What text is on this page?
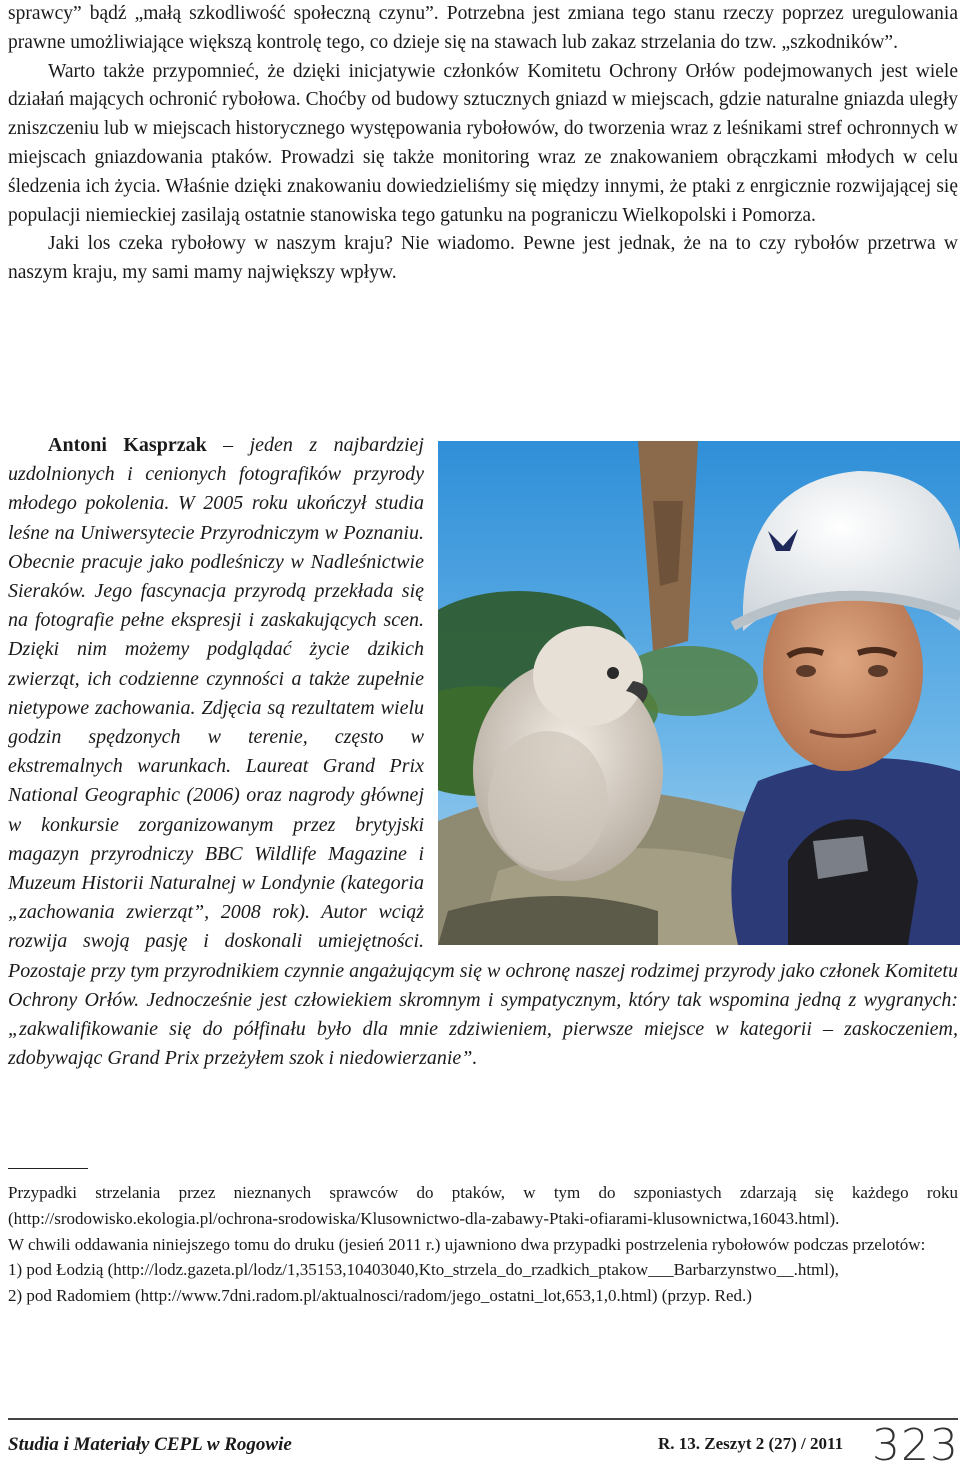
sprawcy” bądź „małą szkodliwość społeczną czynu”. Potrzebna jest zmiana tego stanu rzeczy poprzez uregulowania prawne umożliwiające większą kontrolę tego, co dzieje się na stawach lub zakaz strzelania do tzw. „szkodników”.

Warto także przypomnieć, że dzięki inicjatywie członków Komitetu Ochrony Orłów podejmowanych jest wiele działań mających ochronić rybołowa. Choćby od budowy sztucznych gniazd w miejscach, gdzie naturalne gniazda uległy zniszczeniu lub w miejscach historycznego występowania rybołowów, do tworzenia wraz z leśnikami stref ochronnych w miejscach gniazdowania ptaków. Prowadzi się także monitoring wraz ze znakowaniem obrączkami młodych w celu śledzenia ich życia. Właśnie dzięki znakowaniu dowiedzieliśmy się między innymi, że ptaki z enrgicznie rozwijającej się populacji niemieckiej zasilają ostatnie stanowiska tego gatunku na pograniczu Wielkopolski i Pomorza.

Jaki los czeka rybołowy w naszym kraju? Nie wiadomo. Pewne jest jednak, że na to czy rybołów przetrwa w naszym kraju, my sami mamy największy wpływ.

Antoni Kasprzak – jeden z najbardziej uzdolnionych i cenionych fotografików przyrody młodego pokolenia. W 2005 roku ukończył studia leśne na Uniwersytecie Przyrodniczym w Poznaniu. Obecnie pracuje jako podleśniczy w Nadleśnictwie Sieraków. Jego fascynacja przyrodą przekłada się na fotografie pełne ekspresji i zaskakujących scen. Dzięki nim możemy podglądać życie dzikich zwierząt, ich codzienne czynności a także zupełnie nietypowe zachowania. Zdjęcia są rezultatem wielu godzin spędzonych w terenie, często w ekstremalnych warunkach. Laureat Grand Prix National Geographic (2006) oraz nagrody głównej w konkursie zorganizowanym przez brytyjski magazyn przyrodniczy BBC Wildlife Magazine i Muzeum Historii Naturalnej w Londynie (kategoria „zachowania zwierząt”, 2008 rok). Autor wciąż rozwija swoją pasję i doskonali umiejętności. Pozostaje przy tym przyrodnikiem czynnie angażującym się w ochronę naszej rodzimej przyrody jako członek Komitetu Ochrony Orłów. Jednocześnie jest człowiekiem skromnym i sympatycznym, który tak wspomina jedną z wygranych: „zakwalifikowanie się do półfinału było dla mnie zdziwieniem, pierwsze miejsce w kategorii – zaskoczeniem, zdobywając Grand Prix przeżyłem szok i niedowierzanie”.

Przypadki strzelania przez nieznanych sprawców do ptaków, w tym do szponiastych zdarzają się każdego roku (http://srodowisko.ekologia.pl/ochrona-srodowiska/Klusownictwo-dla-zabawy-Ptaki-ofiarami-klusownictwa,16043.html).

W chwili oddawania niniejszego tomu do druku (jesień 2011 r.) ujawniono dwa przypadki postrzelenia rybołowów podczas przelotów:

1) pod Łodzią (http://lodz.gazeta.pl/lodz/1,35153,10403040,Kto_strzela_do_rzadkich_ptakow___Barbarzynstwo__.html),

2) pod Radomiem (http://www.7dni.radom.pl/aktualnosci/radom/jego_ostatni_lot,653,1,0.html) (przyp. Red.)

Studia i Materiały CEPL w Rogowie	R. 13. Zeszyt 2 (27) / 2011 323
